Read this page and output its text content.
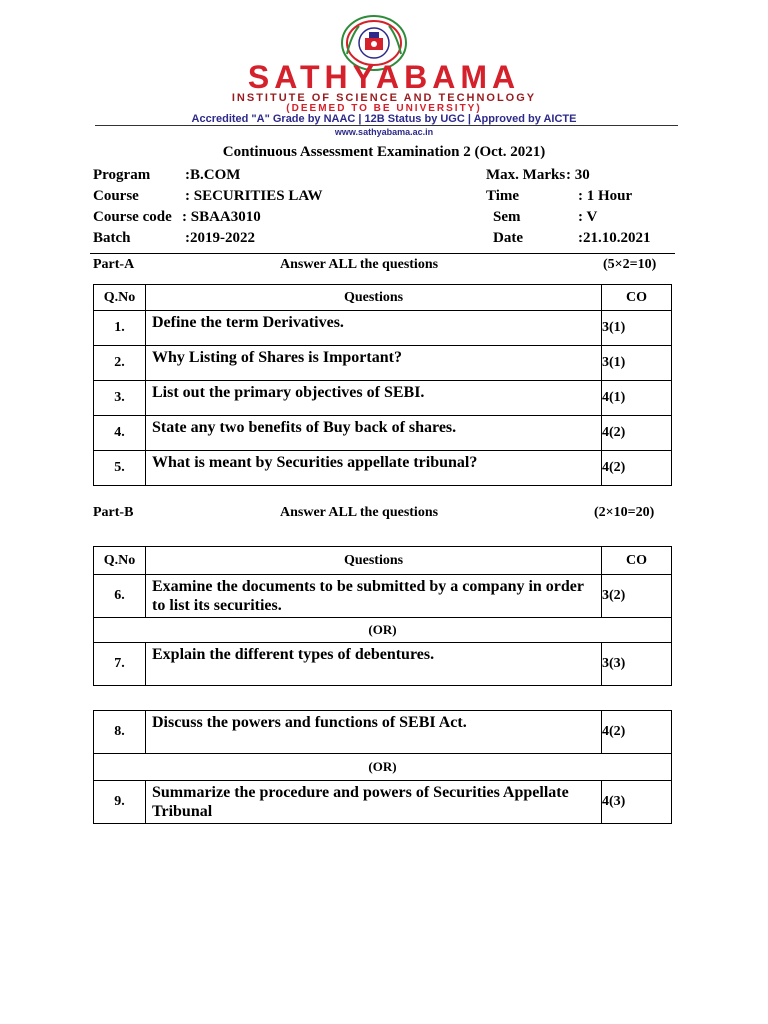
SATHYABAMA
INSTITUTE OF SCIENCE AND TECHNOLOGY
(DEEMED TO BE UNIVERSITY)
Accredited "A" Grade by NAAC | 12B Status by UGC | Approved by AICTE
www.sathyabama.ac.in
Continuous Assessment Examination 2 (Oct. 2021)
Program :B.COM
Course	: SECURITIES LAW
Course code : SBAA3010
Batch	:2019-2022
Max. Marks : 30
Time	: 1 Hour
Sem	: V
Date	:21.10.2021
Part-A	Answer ALL the questions	(5×2=10)
Q.No	Questions	CO
1.	Define the term Derivatives.	3(1)
2.	Why Listing of Shares is Important?	3(1)
3.	List out the primary objectives of SEBI.	4(1)
4.	State any two benefits of Buy back of shares.	4(2)
5.	What is meant by Securities appellate tribunal?	4(2)
Part-B	Answer ALL the questions	(2×10=20)
Q.No	Questions	CO
6.	Examine the documents to be submitted by a company in order to list its securities.	3(2)
(OR)		
7.	Explain the different types of debentures.	3(3)
8.	Discuss the powers and functions of SEBI Act.	4(2)
(OR)		
9.	Summarize the procedure and powers of Securities Appellate Tribunal	4(3)
